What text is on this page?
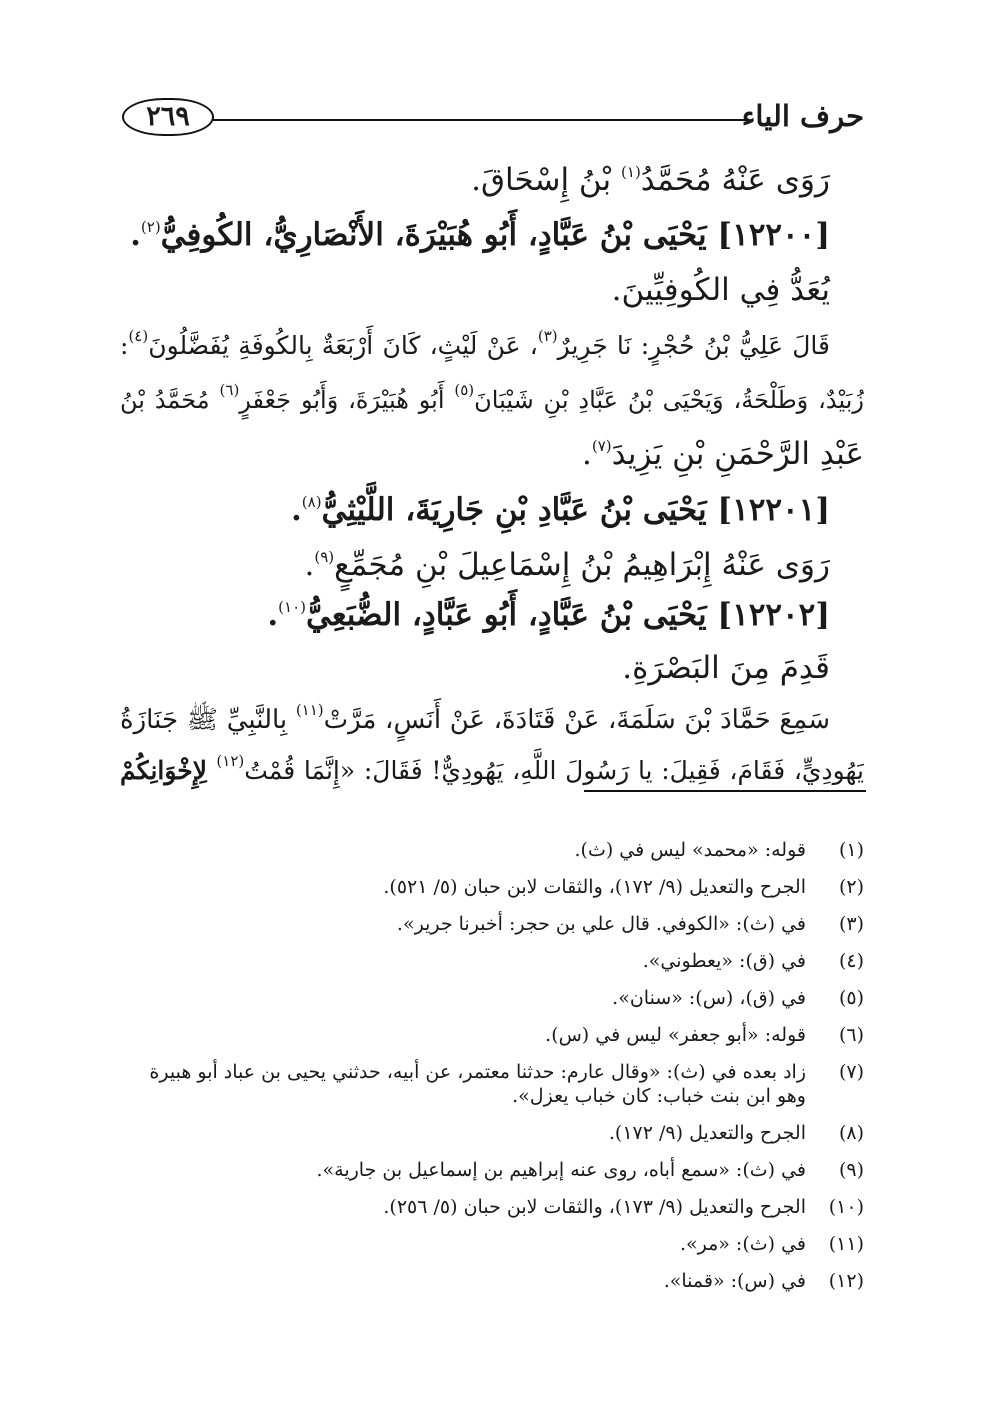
حرف الياء
٢٦٩
رَوَى عَنْهُ مُحَمَّدُ$^{(١)}$ بْنُ إِسْحَاقَ.
[١٢٢٠٠] يَحْيَى بْنُ عَبَّادٍ، أَبُو هُبَيْرَةَ، الأَنْصَارِيُّ، الكُوفِيُّ$^{(٢)}$.
يُعَدُّ فِي الكُوفِيِّينَ.
قَالَ عَلِيُّ بْنُ حُجْرٍ: نَا جَرِيرٌ$^{(٣)}$، عَنْ لَيْثٍ، كَانَ أَرْبَعَةٌ بِالكُوفَةِ يُفَضَّلُونَ$^{(٤)}$:
زُبَيْدٌ، وَطَلْحَةُ، وَيَحْيَى بْنُ عَبَّادِ بْنِ شَيْبَانَ$^{(٥)}$ أَبُو هُبَيْرَةَ، وَأَبُو جَعْفَرٍ$^{(٦)}$ مُحَمَّدُ بْنُ
عَبْدِ الرَّحْمَنِ بْنِ يَزِيدَ$^{(٧)}$.
[١٢٢٠١] يَحْيَى بْنُ عَبَّادِ بْنِ جَارِيَةَ، اللَّيْثِيُّ$^{(٨)}$.
رَوَى عَنْهُ إِبْرَاهِيمُ بْنُ إِسْمَاعِيلَ بْنِ مُجَمِّعٍ$^{(٩)}$.
[١٢٢٠٢] يَحْيَى بْنُ عَبَّادٍ، أَبُو عَبَّادٍ، الضُّبَعِيُّ$^{(١٠)}$.
قَدِمَ مِنَ البَصْرَةِ.
سَمِعَ حَمَّادَ بْنَ سَلَمَةَ، عَنْ قَتَادَةَ، عَنْ أَنَسٍ، مَرَّتْ$^{(١١)}$ بِالنَّبِيِّ ﷺ جَنَازَةُ
يَهُودِيٍّ، فَقَامَ، فَقِيلَ: يا رَسُولَ اللَّهِ، يَهُودِيٌّ! فَقَالَ: «إِنَّمَا قُمْتُ$^{(١٢)}$ لِإِخْوَانِكُمْ
(١)
قوله: «محمد» ليس في (ث).
(٢)
الجرح والتعديل (٩/ ١٧٢)، والثقات لابن حبان (٥/ ٥٢١).
(٣)
في (ث): «الكوفي. قال علي بن حجر: أخبرنا جرير».
(٤)
في (ق): «يعطوني».
(٥)
في (ق)، (س): «سنان».
(٦)
قوله: «أبو جعفر» ليس في (س).
(٧)
زاد بعده في (ث): «وقال عارم: حدثنا معتمر، عن أبيه، حدثني يحيى بن عباد أبو هبيرة وهو ابن بنت خباب: كان خباب يعزل».
(٨)
الجرح والتعديل (٩/ ١٧٢).
(٩)
في (ث): «سمع أباه، روى عنه إبراهيم بن إسماعيل بن جارية».
(١٠)
الجرح والتعديل (٩/ ١٧٣)، والثقات لابن حبان (٥/ ٢٥٦).
(١١)
في (ث): «مر».
(١٢)
في (س): «قمنا».
